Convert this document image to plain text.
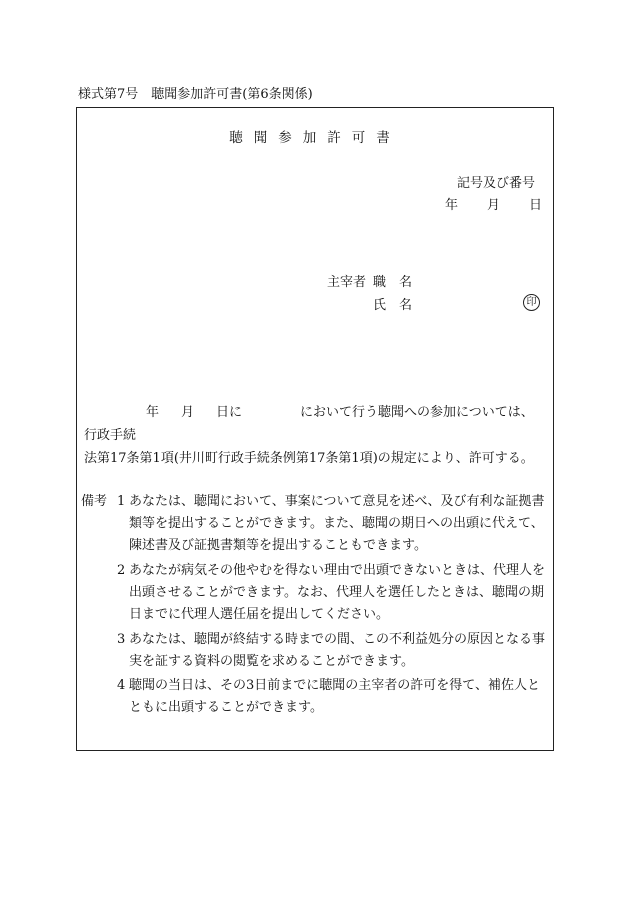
様式第7号　聴聞参加許可書(第6条関係)
聴聞参加許可書
記号及び番号
年　　月　　日
主宰者 職　名
氏　名	印
年 月 日に	において行う聴聞への参加については、行政手続
法第17条第1項(井川町行政手続条例第17条第1項)の規定により、許可する。
備考 1 あなたは、聴聞において、事案について意見を述べ、及び有利な証拠書類等を提出することができます。また、聴聞の期日への出頭に代えて、陳述書及び証拠書類等を提出することもできます。
2 あなたが病気その他やむを得ない理由で出頭できないときは、代理人を出頭させることができます。なお、代理人を選任したときは、聴聞の期日までに代理人選任届を提出してください。
3 あなたは、聴聞が終結する時までの間、この不利益処分の原因となる事実を証する資料の閲覧を求めることができます。
4 聴聞の当日は、その3日前までに聴聞の主宰者の許可を得て、補佐人とともに出頭することができます。
